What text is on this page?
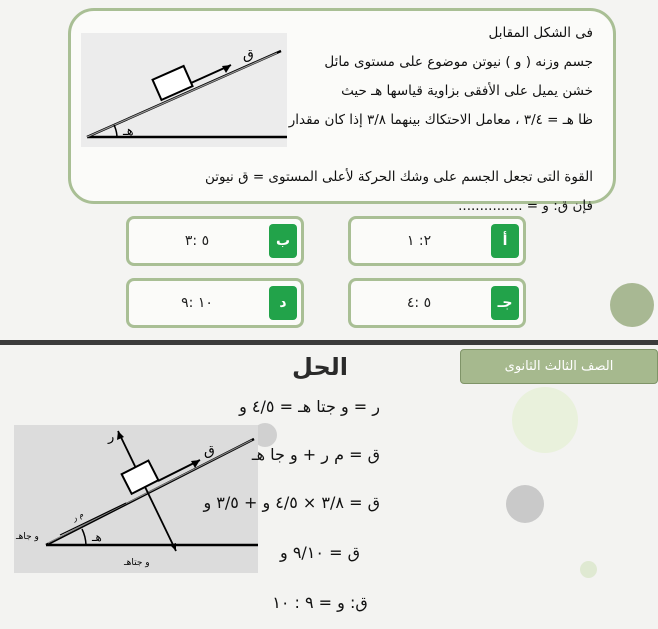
ق
هـ
فى الشكل المقابل
جسم وزنه ( و ) نيوتن موضوع على مستوى مائل
خشن يميل على الأفقى بزاوية قياسها هـ حيث
ظا هـ = ٣/٤ ، معامل الاحتكاك بينهما ٣/٨ إذا كان مقدار
القوة التى تجعل الجسم على وشك الحركة لأعلى المستوى = ق نيوتن
فإن ق: و = ...............
أ
٢: ١
ب
٥ :٣
جـ
٥ :٤
د
١٠ :٩
الصف الثالث الثانوى
الحل
ر
ق
هـ
م ر
و جاهـ
و جتاهـ
ر = و جتا هـ = ٤/٥ و
ق = م ر + و جا هـ
ق = ٣/٨ × ٤/٥ و + ٣/٥ و
ق = ٩/١٠ و
ق: و = ٩ : ١٠
